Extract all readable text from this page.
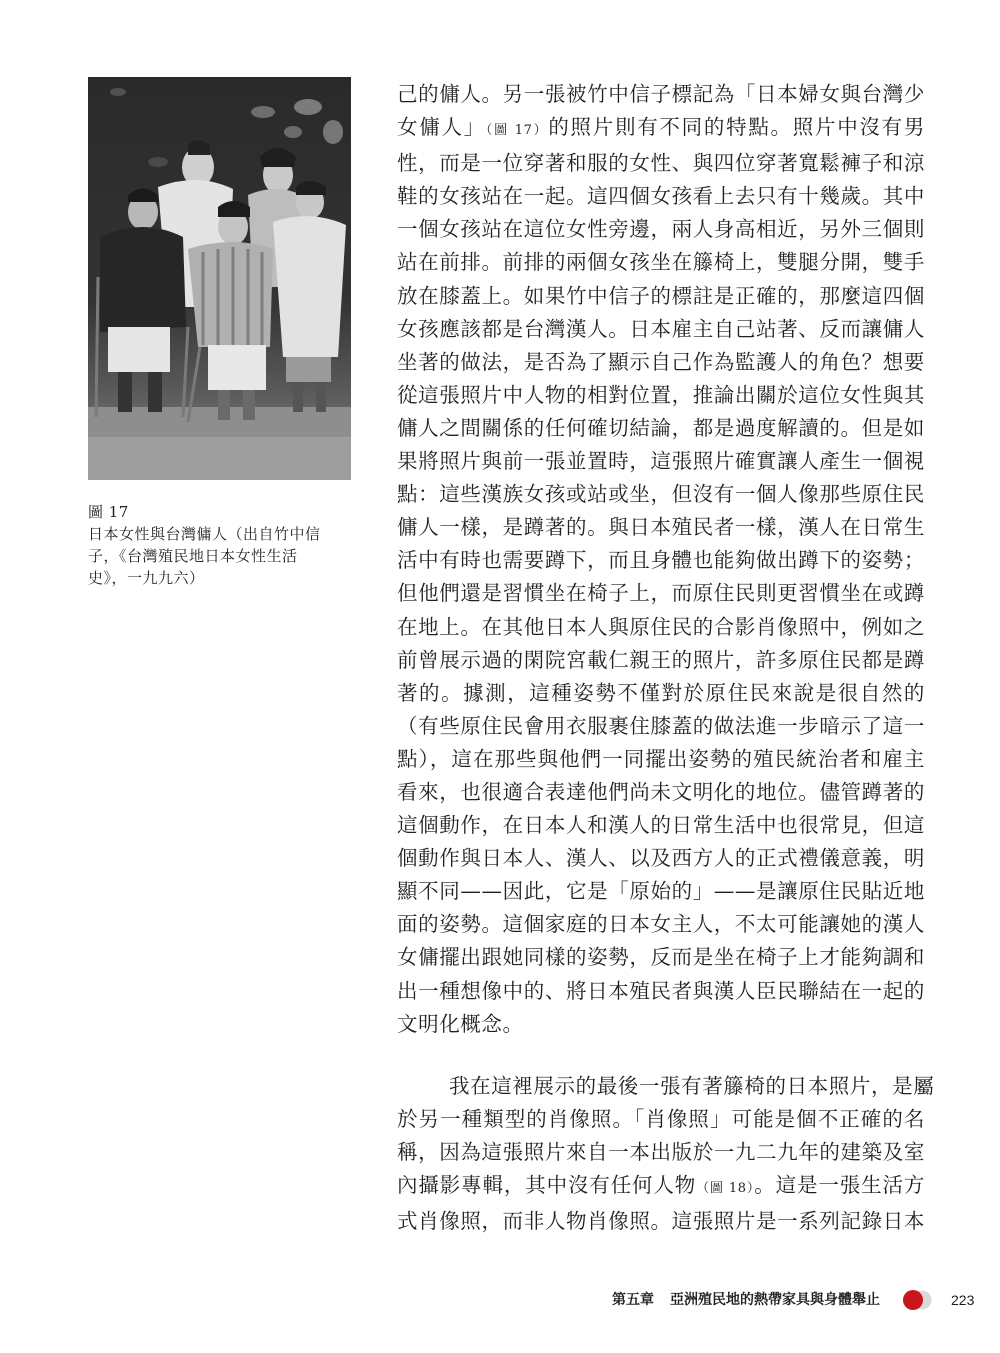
圖 17
日本女性與台灣傭人（出自竹中信
子，《台灣殖民地日本女性生活
史》，一九九六）

己的傭人。另一張被竹中信子標記為「日本婦女與台灣少
女傭人」（圖 17）的照片則有不同的特點。照片中沒有男
性，而是一位穿著和服的女性、與四位穿著寬鬆褲子和涼
鞋的女孩站在一起。這四個女孩看上去只有十幾歲。其中
一個女孩站在這位女性旁邊，兩人身高相近，另外三個則
站在前排。前排的兩個女孩坐在籐椅上，雙腿分開，雙手
放在膝蓋上。如果竹中信子的標註是正確的，那麼這四個
女孩應該都是台灣漢人。日本雇主自己站著、反而讓傭人
坐著的做法，是否為了顯示自己作為監護人的角色？想要
從這張照片中人物的相對位置，推論出關於這位女性與其
傭人之間關係的任何確切結論，都是過度解讀的。但是如
果將照片與前一張並置時，這張照片確實讓人產生一個視
點：這些漢族女孩或站或坐，但沒有一個人像那些原住民
傭人一樣，是蹲著的。與日本殖民者一樣，漢人在日常生
活中有時也需要蹲下，而且身體也能夠做出蹲下的姿勢；
但他們還是習慣坐在椅子上，而原住民則更習慣坐在或蹲
在地上。在其他日本人與原住民的合影肖像照中，例如之
前曾展示過的閑院宮載仁親王的照片，許多原住民都是蹲
著的。據測，這種姿勢不僅對於原住民來說是很自然的
（有些原住民會用衣服裹住膝蓋的做法進一步暗示了這一
點），這在那些與他們一同擺出姿勢的殖民統治者和雇主
看來，也很適合表達他們尚未文明化的地位。儘管蹲著的
這個動作，在日本人和漢人的日常生活中也很常見，但這
個動作與日本人、漢人、以及西方人的正式禮儀意義，明
顯不同——因此，它是「原始的」——是讓原住民貼近地
面的姿勢。這個家庭的日本女主人，不太可能讓她的漢人
女傭擺出跟她同樣的姿勢，反而是坐在椅子上才能夠調和
出一種想像中的、將日本殖民者與漢人臣民聯結在一起的
文明化概念。

我在這裡展示的最後一張有著籐椅的日本照片，是屬
於另一種類型的肖像照。「肖像照」可能是個不正確的名
稱，因為這張照片來自一本出版於一九二九年的建築及室
內攝影專輯，其中沒有任何人物（圖 18）。這是一張生活方
式肖像照，而非人物肖像照。這張照片是一系列記錄日本

第五章 亞洲殖民地的熱帶家具與身體舉止	223
